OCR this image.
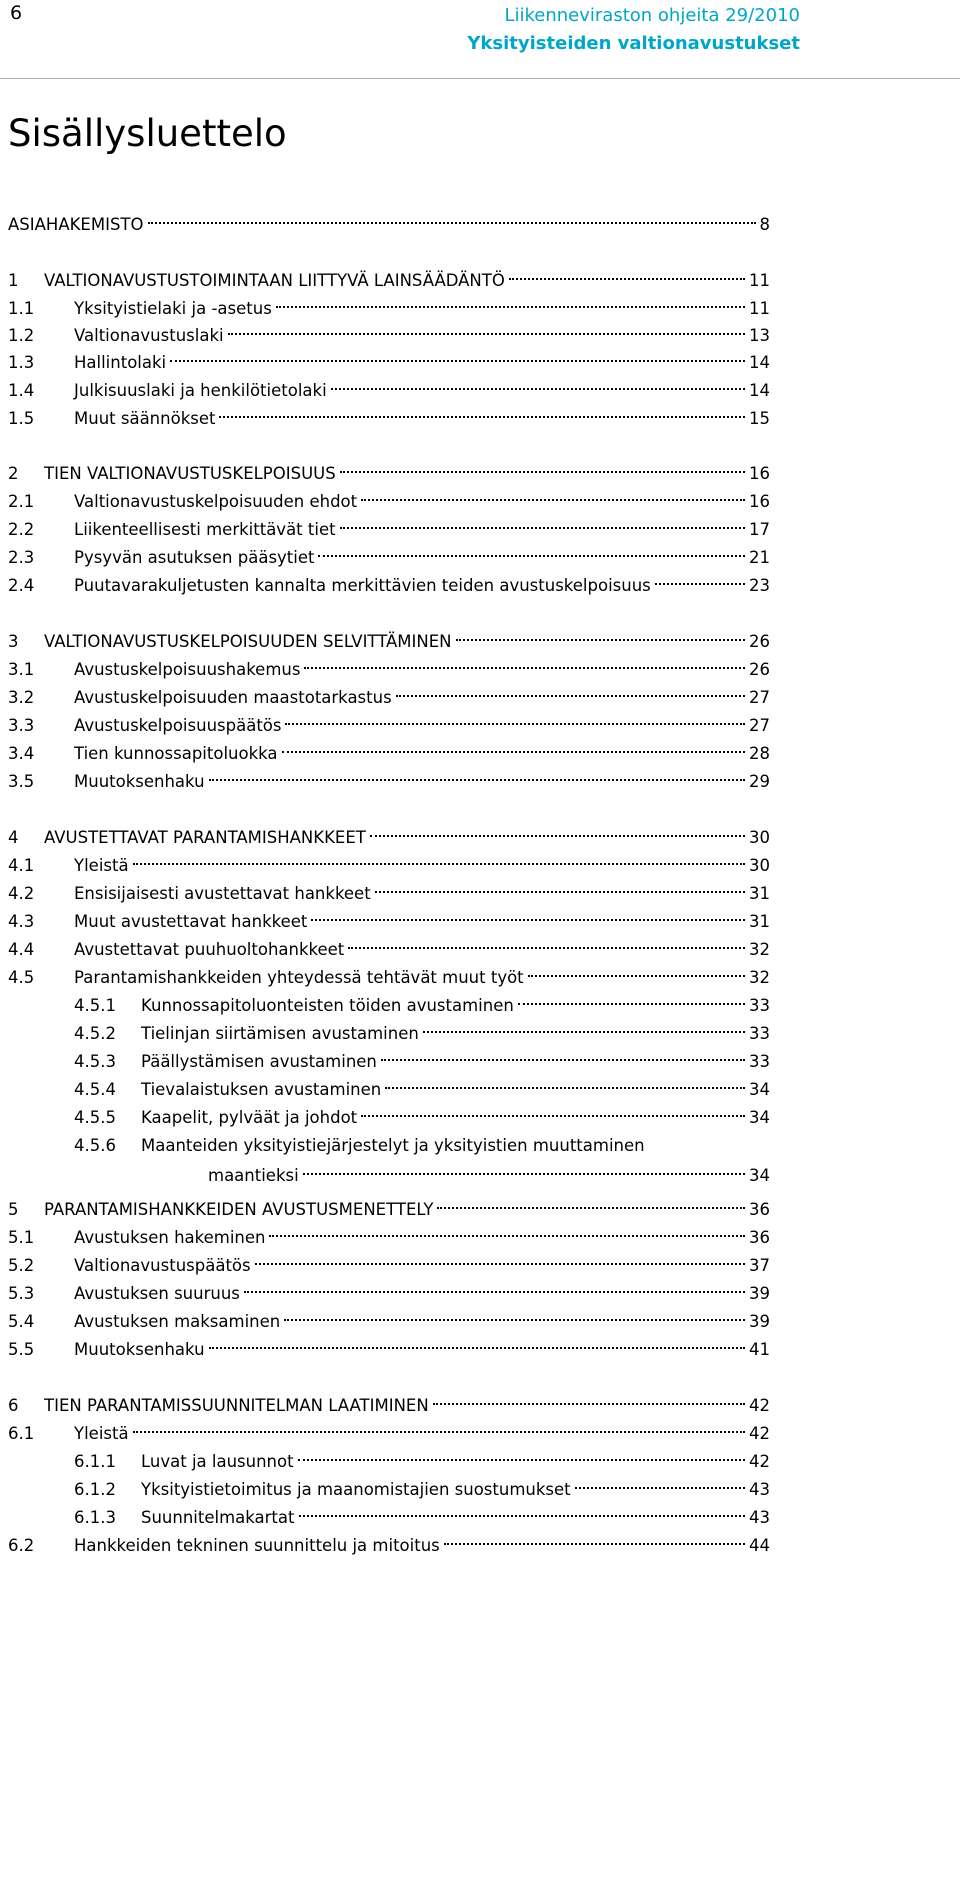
6	Liikenneviraston ohjeita 29/2010
Yksityisteiden valtionavustukset
Sisällysluettelo
ASIAHAKEMISTO	8
1 VALTIONAVUSTUSTOIMINTAAN LIITTYVÄ LAINSÄÄDÄNTÖ	11
1.1 Yksityistielaki ja -asetus	11
1.2 Valtionavustuslaki	13
1.3 Hallintolaki	14
1.4 Julkisuuslaki ja henkilötietolaki	14
1.5 Muut säännökset	15
2 TIEN VALTIONAVUSTUSKELPOISUUS	16
2.1 Valtionavustuskelpoisuuden ehdot	16
2.2 Liikenteellisesti merkittävät tiet	17
2.3 Pysyvän asutuksen pääsytiet	21
2.4 Puutavarakuljetusten kannalta merkittävien teiden avustuskelpoisuus	23
3 VALTIONAVUSTUSKELPOISUUDEN SELVITTÄMINEN	26
3.1 Avustuskelpoisuushakemus	26
3.2 Avustuskelpoisuuden maastotarkastus	27
3.3 Avustuskelpoisuuspäätös	27
3.4 Tien kunnossapitoluokka	28
3.5 Muutoksenhaku	29
4 AVUSTETTAVAT PARANTAMISHANKKEET	30
4.1 Yleistä	30
4.2 Ensisijaisesti avustettavat hankkeet	31
4.3 Muut avustettavat hankkeet	31
4.4 Avustettavat puuhuoltohankkeet	32
4.5 Parantamishankkeiden yhteydessä tehtävät muut työt	32
4.5.1 Kunnossapitoluonteisten töiden avustaminen	33
4.5.2 Tielinjan siirtämisen avustaminen	33
4.5.3 Päällystämisen avustaminen	33
4.5.4 Tievalaistuksen avustaminen	34
4.5.5 Kaapelit, pylväät ja johdot	34
4.5.6 Maanteiden yksityistiejärjestelyt ja yksityistien muuttaminen
maantieksi	34
5 PARANTAMISHANKKEIDEN AVUSTUSMENETTELY	36
5.1 Avustuksen hakeminen	36
5.2 Valtionavustuspäätös	37
5.3 Avustuksen suuruus	39
5.4 Avustuksen maksaminen	39
5.5 Muutoksenhaku	41
6 TIEN PARANTAMISSUUNNITELMAN LAATIMINEN	42
6.1 Yleistä	42
6.1.1 Luvat ja lausunnot	42
6.1.2 Yksityistietoimitus ja maanomistajien suostumukset	43
6.1.3 Suunnitelmakartat	43
6.2 Hankkeiden tekninen suunnittelu ja mitoitus	44
